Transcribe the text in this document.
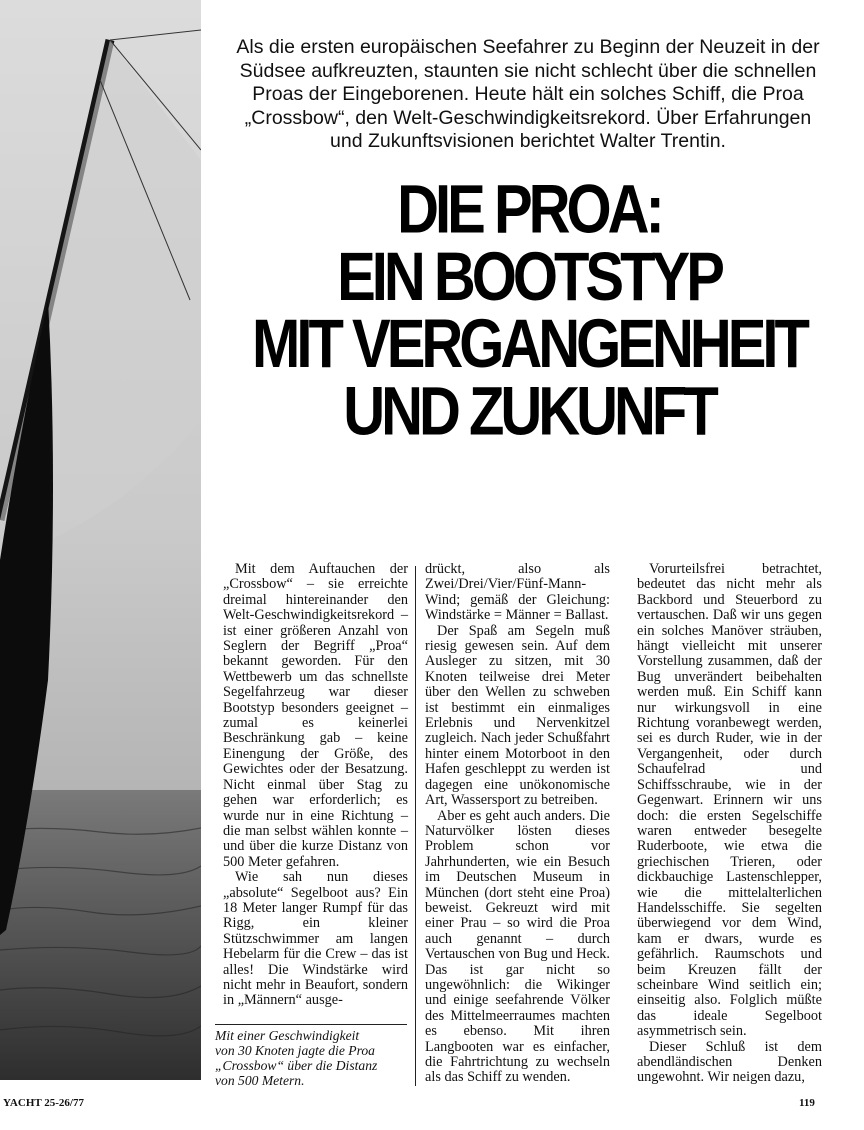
Als die ersten europäischen Seefahrer zu Beginn der Neuzeit in der
Südsee aufkreuzten, staunten sie nicht schlecht über die schnellen
Proas der Eingeborenen. Heute hält ein solches Schiff, die Proa
„Crossbow“, den Welt-Geschwindigkeitsrekord. Über Erfahrungen
und Zukunftsvisionen berichtet Walter Trentin.
DIE PROA:
EIN BOOTSTYP
MIT VERGANGENHEIT
UND ZUKUNFT

Mit dem Auftauchen der „Crossbow“ – sie erreichte dreimal hintereinander den Welt-Geschwindigkeitsrekord – ist einer größeren Anzahl von Seglern der Begriff „Proa“ bekannt geworden. Für den Wettbewerb um das schnellste Segelfahrzeug war dieser Bootstyp besonders geeignet – zumal es keinerlei Beschränkung gab – keine Einengung der Größe, des Gewichtes oder der Besatzung. Nicht einmal über Stag zu gehen war erforderlich; es wurde nur in eine Richtung – die man selbst wählen konnte – und über die kurze Distanz von 500 Meter gefahren.

Wie sah nun dieses „absolute“ Segelboot aus? Ein 18 Meter langer Rumpf für das Rigg, ein kleiner Stützschwimmer am langen Hebelarm für die Crew – das ist alles! Die Windstärke wird nicht mehr in Beaufort, sondern in „Männern“ ausge-

drückt, also als Zwei/Drei/Vier/Fünf-Mann-Wind; gemäß der Gleichung: Windstärke = Männer = Ballast.

Der Spaß am Segeln muß riesig gewesen sein. Auf dem Ausleger zu sitzen, mit 30 Knoten teilweise drei Meter über den Wellen zu schweben ist bestimmt ein einmaliges Erlebnis und Nervenkitzel zugleich. Nach jeder Schußfahrt hinter einem Motorboot in den Hafen geschleppt zu werden ist dagegen eine unökonomische Art, Wassersport zu betreiben.

Aber es geht auch anders. Die Naturvölker lösten dieses Problem schon vor Jahrhunderten, wie ein Besuch im Deutschen Museum in München (dort steht eine Proa) beweist. Gekreuzt wird mit einer Prau – so wird die Proa auch genannt – durch Vertauschen von Bug und Heck. Das ist gar nicht so ungewöhnlich: die Wikinger und einige seefahrende Völker des Mittelmeerraumes machten es ebenso. Mit ihren Langbooten war es einfacher, die Fahrtrichtung zu wechseln als das Schiff zu wenden.

Vorurteilsfrei betrachtet, bedeutet das nicht mehr als Backbord und Steuerbord zu vertauschen. Daß wir uns gegen ein solches Manöver sträuben, hängt vielleicht mit unserer Vorstellung zusammen, daß der Bug unverändert beibehalten werden muß. Ein Schiff kann nur wirkungsvoll in eine Richtung voranbewegt werden, sei es durch Ruder, wie in der Vergangenheit, oder durch Schaufelrad und Schiffsschraube, wie in der Gegenwart. Erinnern wir uns doch: die ersten Segelschiffe waren entweder besegelte Ruderboote, wie etwa die griechischen Trieren, oder dickbauchige Lastenschlepper, wie die mittelalterlichen Handelsschiffe. Sie segelten überwiegend vor dem Wind, kam er dwars, wurde es gefährlich. Raumschots und beim Kreuzen fällt der scheinbare Wind seitlich ein; einseitig also. Folglich müßte das ideale Segelboot asymmetrisch sein.

Dieser Schluß ist dem abendländischen Denken ungewohnt. Wir neigen dazu,

Mit einer Geschwindigkeit
von 30 Knoten jagte die Proa
„Crossbow“ über die Distanz
von 500 Metern.
YACHT 25-26/77	119
